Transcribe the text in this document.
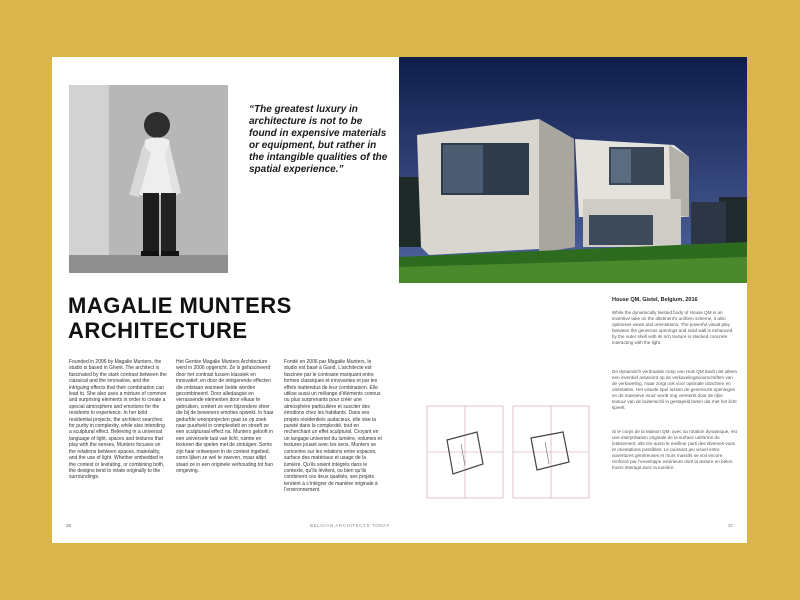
“The greatest luxury in architecture is not to be found in expensive materials or equipment, but rather in the intangible qualities of the spatial experience.”
MAGALIE MUNTERS
ARCHITECTURE
Founded in 2006 by Magalie Munters, the studio is based in Ghent. The architect is fascinated by the stark contrast between the classical and the innovative, and the intriguing effects that their combination can lead to. She also uses a mixture of common and surprising elements in order to create a special atmosphere and emotions for the residents to experience. In her bold residential projects, the architect searches for purity in complexity, while also intending a sculptural effect. Believing in a universal language of light, spaces and textures that play with the senses, Munters focuses on the relations between spaces, materiality, and the use of light. Whether embedded in the context or levitating, or combining both, the designs tend to relate originally to the surroundings.
Het Gentse Magalie Munters Architecture werd in 2006 opgericht. Ze is gefascineerd door het contrast tussen klassiek en innovatief, en door de intrigerende effecten die ontstaan wanneer beide worden gecombineerd. Door alledaagse en verrassende elementen door elkaar te gebruiken, creëert ze een bijzondere sfeer die bij de bewoners emoties opwekt. In haar gedurfde woonprojecten gaat ze op zoek naar puurheid in complexiteit en streeft ze een sculpturaal effect na. Munters gelooft in een universele taal van licht, ruimte en texturen die spelen met de zintuigen. Soms zijn haar ontwerpen in de context ingebed, soms lijken ze wel te zweven, maar altijd staan ze in een originele verhouding tot hun omgeving.
Fondé en 2006 par Magalie Munters, le studio est basé à Gand. L’architecte est fascinée par le contraste marquant entre formes classiques et innovantes et par les effets inattendus de leur combinaison. Elle utilise aussi un mélange d’éléments connus ou plus surprenants pour créer une atmosphère particulière et susciter des émotions chez les habitants. Dans ses projets résidentiels audacieux, elle vise la pureté dans la complexité, tout en recherchant un effet sculptural. Croyant en un langage universel du lumière, volumes et textures jouant avec les sens, Munters se concentre sur les relations entre espaces, surface des matériaux et usage de la lumière. Qu’ils soient intégrés dans le contexte, qu’ils lévitent, ou bien qu’ils combinent ces deux qualités, ses projets tendent à s’intégrer de manière originale à l’environnement.
36	BELGIAN ARCHITECTS TODAY
House QM, Gistel, Belgium, 2016
While the dynamically twisted body of House QM is an inventive take on the allotment’s uniform scheme, it also optimises views and orientations. The powerful visual play between the generous openings and solid wall is enhanced by the outer shell with its rich texture in stacked concrete interacting with the light.
De dynamisch verdraaide romp van Huis QM biedt niet alleen een inventief antwoord op de verkavelingsvoorschriften van de verkaveling, maar zorgt ook voor optimale uitzichten en oriëntaties. Het visuele spel tussen de genereuze openingen en de massieve muur wordt nog versterkt door de rijke textuur van de buitenschil in gestapeld beton dat met het licht speelt.
Si le corps de la Maison QM, avec sa rotation dynamique, est une interprétation originale de la surface uniforme du lotissement, elle tire aussi le meilleur parti des diverses vues et orientations possibles. Le puissant jeu visuel entre ouvertures généreuses et murs massifs se voit encore renforcé par l’enveloppe extérieure dont la texture en béton fourni interagit avec la lumière.
37
